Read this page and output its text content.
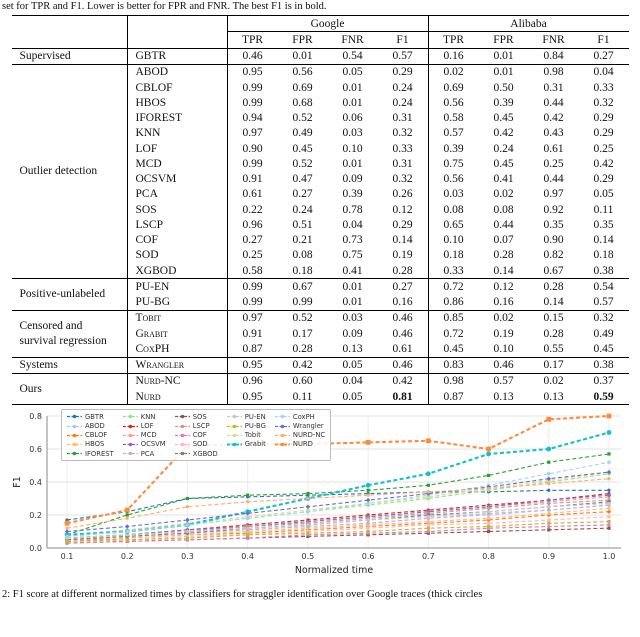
set for TPR and F1. Lower is better for FPR and FNR. The best F1 is in bold.
		Google				Alibaba			
		TPR	FPR	FNR	F1	TPR	FPR	FNR	F1
Supervised	GBTR	0.46	0.01	0.54	0.57	0.16	0.01	0.84	0.27
Outlier detection	ABOD	0.95	0.56	0.05	0.29	0.02	0.01	0.98	0.04
	CBLOF	0.99	0.69	0.01	0.24	0.69	0.50	0.31	0.33
	HBOS	0.99	0.68	0.01	0.24	0.56	0.39	0.44	0.32
	IFOREST	0.94	0.52	0.06	0.31	0.58	0.45	0.42	0.29
	KNN	0.97	0.49	0.03	0.32	0.57	0.42	0.43	0.29
	LOF	0.90	0.45	0.10	0.33	0.39	0.24	0.61	0.25
	MCD	0.99	0.52	0.01	0.31	0.75	0.45	0.25	0.42
	OCSVM	0.91	0.47	0.09	0.32	0.56	0.41	0.44	0.29
	PCA	0.61	0.27	0.39	0.26	0.03	0.02	0.97	0.05
	SOS	0.22	0.24	0.78	0.12	0.08	0.08	0.92	0.11
	LSCP	0.96	0.51	0.04	0.29	0.65	0.44	0.35	0.35
	COF	0.27	0.21	0.73	0.14	0.10	0.07	0.90	0.14
	SOD	0.25	0.08	0.75	0.19	0.18	0.28	0.82	0.18
	XGBOD	0.58	0.18	0.41	0.28	0.33	0.14	0.67	0.38
Positive-unlabeled	PU-EN	0.99	0.67	0.01	0.27	0.72	0.12	0.28	0.54
	PU-BG	0.99	0.99	0.01	0.16	0.86	0.16	0.14	0.57
Censored and survival regression	Tobit	0.97	0.52	0.03	0.46	0.85	0.02	0.15	0.32
	Grabit	0.91	0.17	0.09	0.46	0.72	0.19	0.28	0.49
	CoxPH	0.87	0.28	0.13	0.61	0.45	0.10	0.55	0.45
Systems	Wrangler	0.95	0.42	0.05	0.46	0.83	0.46	0.17	0.38
Ours	Nurd-NC	0.96	0.60	0.04	0.42	0.98	0.57	0.02	0.37
	Nurd	0.95	0.11	0.05	0.81	0.87	0.13	0.13	0.59
0.0
0.2
0.4
0.6
0.8
0.1	0.2	0.3	0.4	0.5	0.6	0.7	0.8	0.9	1.0
Normalized time
F1
GBTR
ABOD
CBLOF
HBOS
IFOREST
KNN
LOF
MCD
OCSVM
PCA
SOS
LSCP
COF
SOD
XGBOD
PU-EN
PU-BG
Tobit
Grabit
CoxPH
Wrangler
NURD-NC
NURD
2: F1 score at different normalized times by classifiers for straggler identification over Google traces (thick circles
